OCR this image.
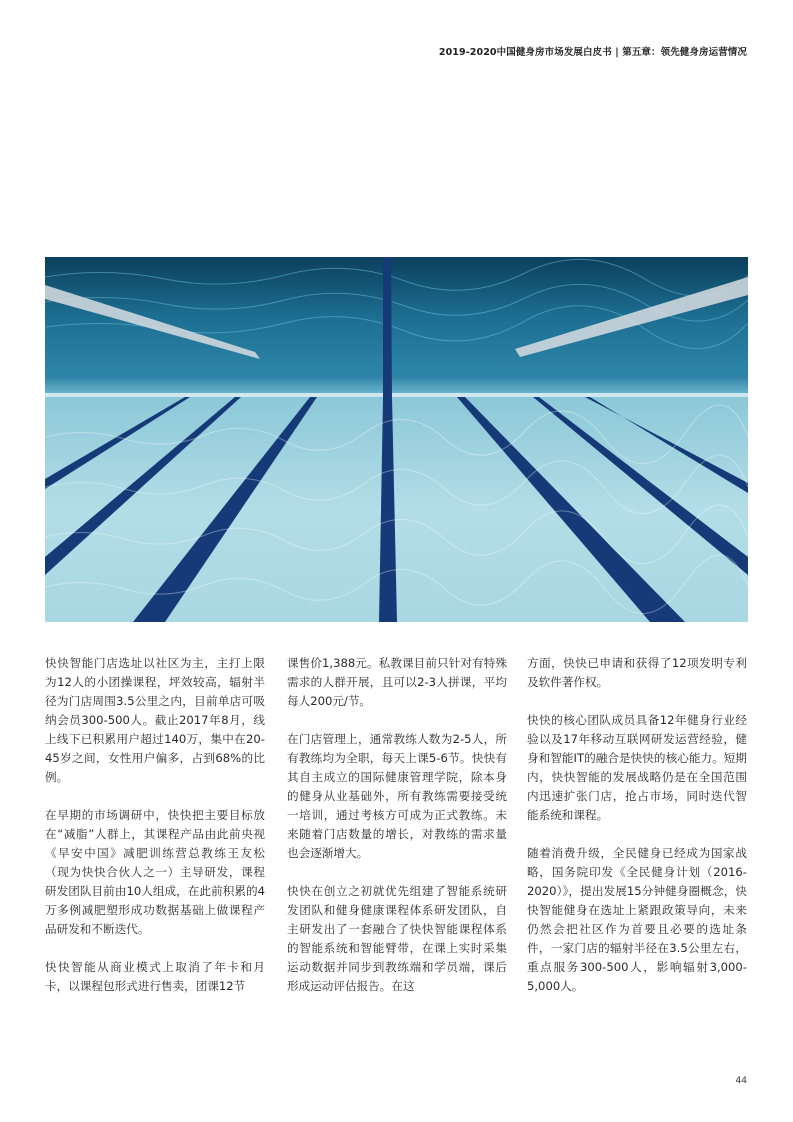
2019-2020中国健身房市场发展白皮书 | 第五章：领先健身房运营情况

快快智能门店选址以社区为主，主打上限为12人的小团操课程，坪效较高，辐射半径为门店周围3.5公里之内，目前单店可吸纳会员300-500人。截止2017年8月，线上线下已积累用户超过140万，集中在20-45岁之间，女性用户偏多，占到68%的比例。

在早期的市场调研中，快快把主要目标放在“减脂”人群上，其课程产品由此前央视《早安中国》减肥训练营总教练王友松（现为快快合伙人之一）主导研发，课程研发团队目前由10人组成，在此前积累的4万多例减肥塑形成功数据基础上做课程产品研发和不断迭代。

快快智能从商业模式上取消了年卡和月卡，以课程包形式进行售卖，团课12节

课售价1,388元。私教课目前只针对有特殊需求的人群开展，且可以2-3人拼课，平均每人200元/节。

在门店管理上，通常教练人数为2-5人，所有教练均为全职，每天上课5-6节。快快有其自主成立的国际健康管理学院，除本身的健身从业基础外，所有教练需要接受统一培训，通过考核方可成为正式教练。未来随着门店数量的增长，对教练的需求量也会逐渐增大。

快快在创立之初就优先组建了智能系统研发团队和健身健康课程体系研发团队，自主研发出了一套融合了快快智能课程体系的智能系统和智能臂带，在课上实时采集运动数据并同步到教练端和学员端，课后形成运动评估报告。在这

方面，快快已申请和获得了12项发明专利及软件著作权。

快快的核心团队成员具备12年健身行业经验以及17年移动互联网研发运营经验，健身和智能IT的融合是快快的核心能力。短期内，快快智能的发展战略仍是在全国范围内迅速扩张门店，抢占市场，同时迭代智能系统和课程。

随着消费升级，全民健身已经成为国家战略，国务院印发《全民健身计划（2016-2020）》，提出发展15分钟健身圈概念，快快智能健身在选址上紧跟政策导向，未来仍然会把社区作为首要且必要的选址条件，一家门店的辐射半径在3.5公里左右，重点服务300-500人，影响辐射3,000-5,000人。

44
